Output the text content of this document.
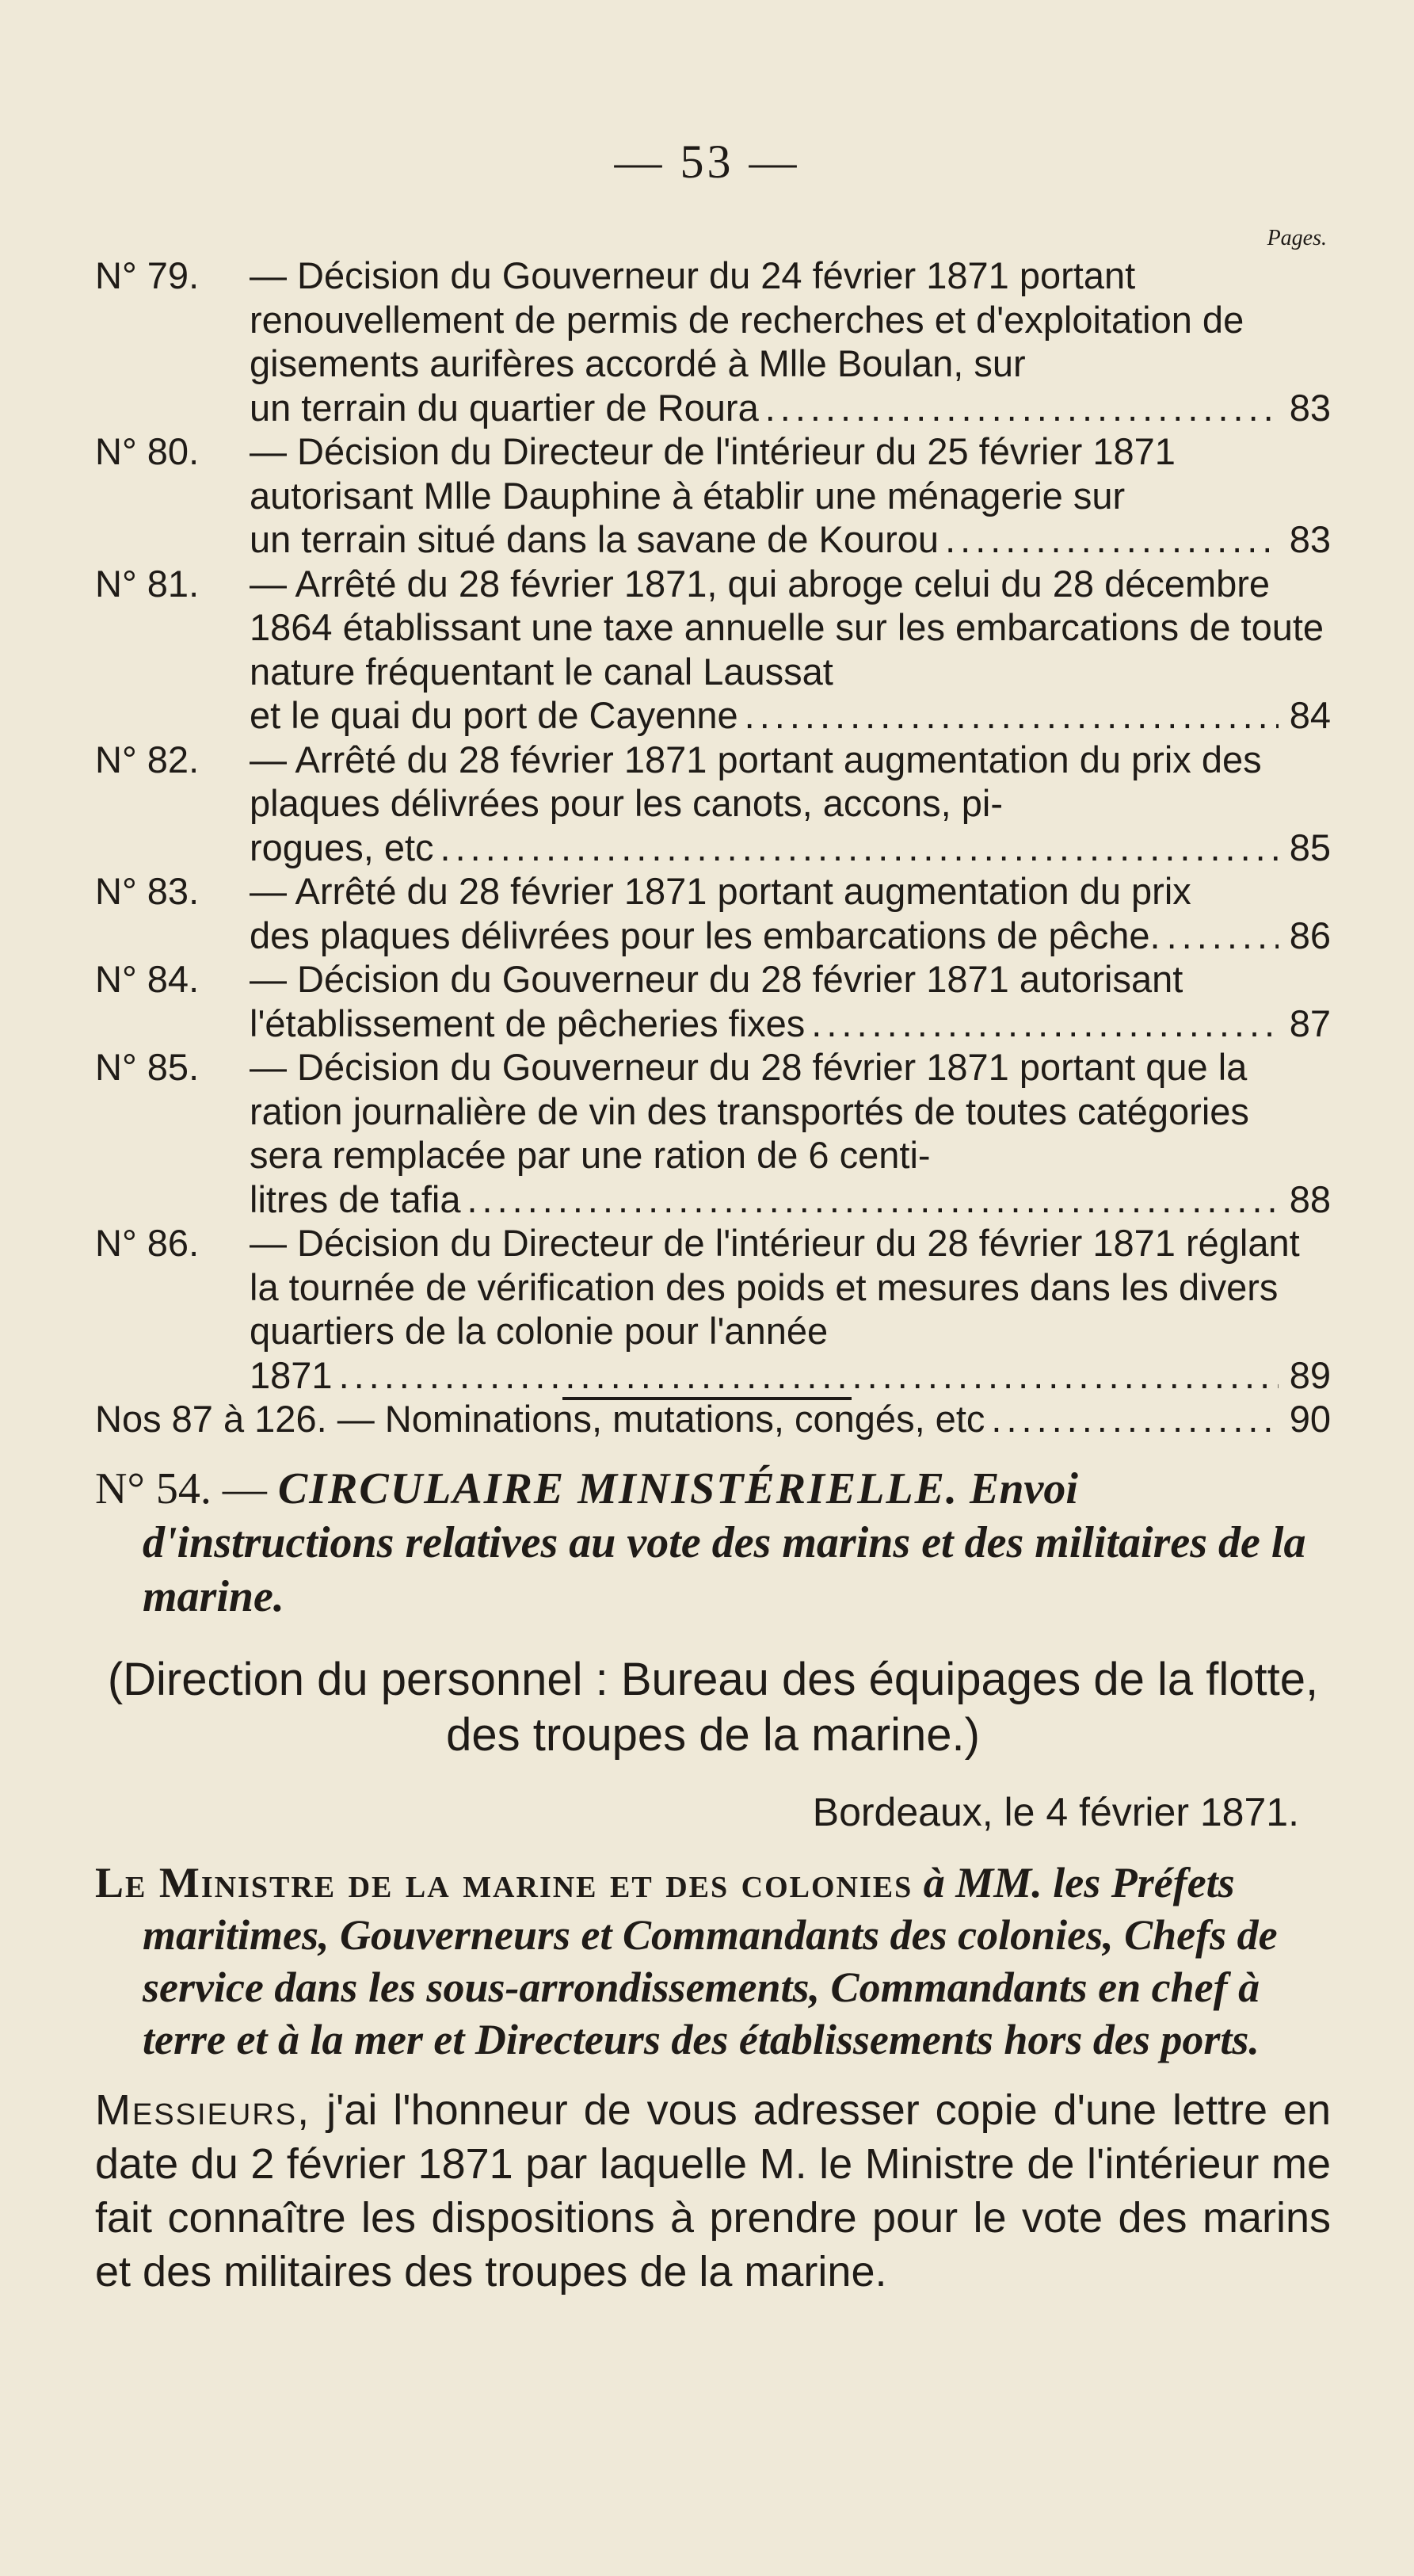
— 53 —
Pages.
N° 79.	— Décision du Gouverneur du 24 février 1871 portant renouvellement de permis de recherches et d'exploitation de gisements aurifères accordé à Mlle Boulan, sur
un terrain du quartier de Roura .....	83
N° 80.	— Décision du Directeur de l'intérieur du 25 février 1871 autorisant Mlle Dauphine à établir une ménagerie sur
un terrain situé dans la savane de Kourou .....	83
N° 81.	— Arrêté du 28 février 1871, qui abroge celui du 28 décembre 1864 établissant une taxe annuelle sur les embarcations de toute nature fréquentant le canal Laussat
et le quai du port de Cayenne .....	84
N° 82.	— Arrêté du 28 février 1871 portant augmentation du prix des plaques délivrées pour les canots, accons, pi-
rogues, etc .....	85
N° 83.	— Arrêté du 28 février 1871 portant augmentation du prix
des plaques délivrées pour les embarcations de pêche. .....	86
N° 84.	— Décision du Gouverneur du 28 février 1871 autorisant
l'établissement de pêcheries fixes .....	87
N° 85.	— Décision du Gouverneur du 28 février 1871 portant que la ration journalière de vin des transportés de toutes catégories sera remplacée par une ration de 6 centi-
litres de tafia .....	88
N° 86.	— Décision du Directeur de l'intérieur du 28 février 1871 réglant la tournée de vérification des poids et mesures dans les divers quartiers de la colonie pour l'année
1871 .....	89
Nos 87 à 126. — Nominations, mutations, congés, etc .....	90
N° 54. — CIRCULAIRE MINISTÉRIELLE. Envoi d'instructions relatives au vote des marins et des militaires de la marine.
(Direction du personnel : Bureau des équipages de la flotte, des troupes de la marine.)
Bordeaux, le 4 février 1871.
Le Ministre de la marine et des colonies à MM. les Préfets maritimes, Gouverneurs et Commandants des colonies, Chefs de service dans les sous-arrondissements, Commandants en chef à terre et à la mer et Directeurs des établissements hors des ports.
Messieurs, j'ai l'honneur de vous adresser copie d'une lettre en date du 2 février 1871 par laquelle M. le Ministre de l'intérieur me fait connaître les dispositions à prendre pour le vote des marins et des militaires des troupes de la marine.
